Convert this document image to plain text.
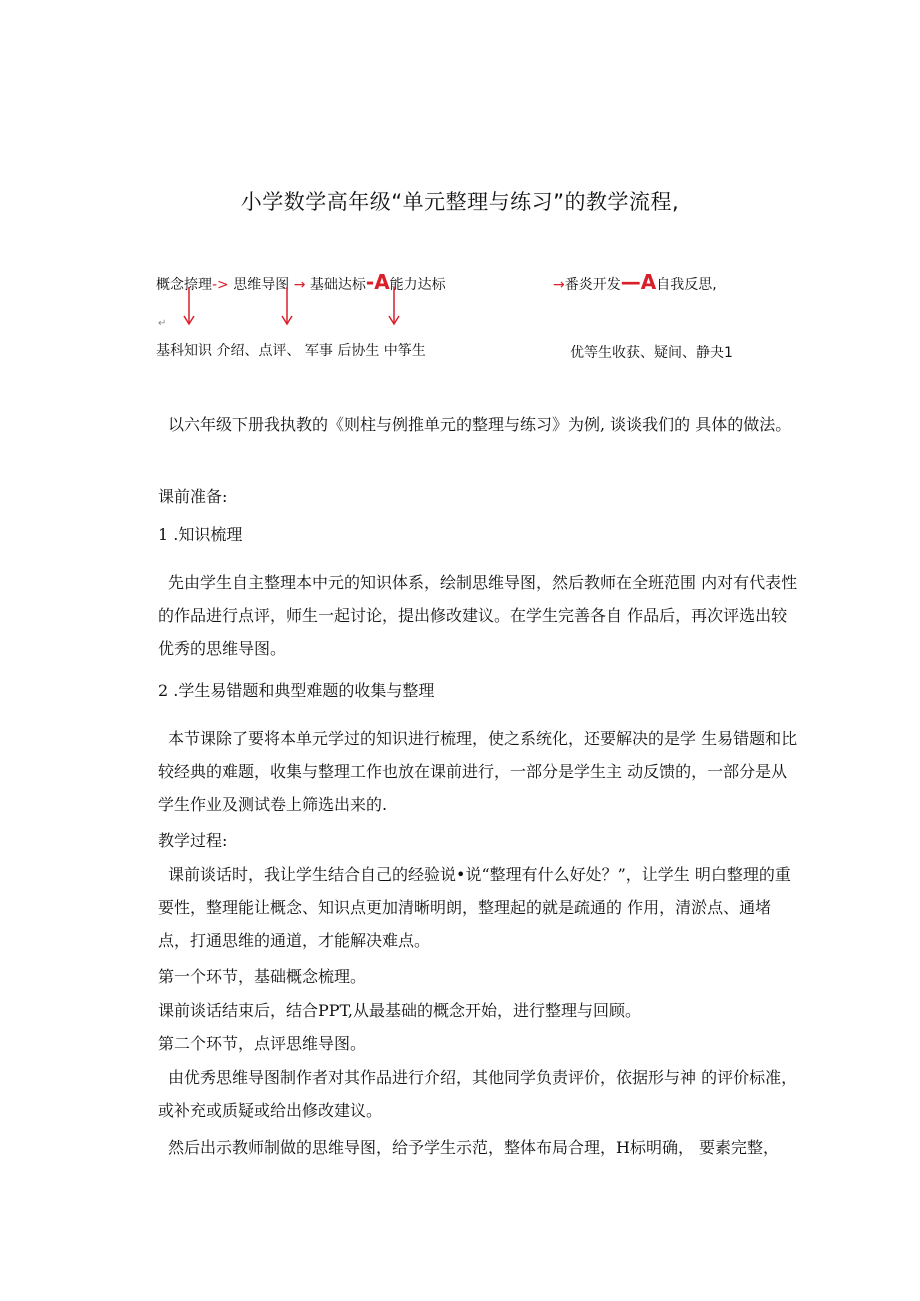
小学数学高年级“单元整理与练习”的教学流程,
概念捺理-> 思维导图 → 基础达标-A能力达标	→番炎开发—A自我反思,
↵
基科知识 介绍、点评、 军事 后协生 中筝生	优等生收获、疑间、静夬1
以六年级下册我执教的《则柱与例推单元的整理与练习》为例, 谈谈我们的 具体的做法。
课前准备:
1 .知识梳理
先由学生自主整理本中元的知识体系，绘制思维导图，然后教师在全班范围 内对有代表性的作品进行点评，师生一起讨论，提出修改建议。在学生完善各自 作品后，再次评选出较优秀的思维导图。
2 .学生易错题和典型难题的收集与整理
本节课除了要将本单元学过的知识进行梳理，使之系统化，还要解决的是学 生易错题和比较经典的难题，收集与整理工作也放在课前进行，一部分是学生主 动反馈的，一部分是从学生作业及测试卷上筛选出来的.
教学过程:
课前谈话时，我让学生结合自己的经验说•说“整理有什么好处？”，让学生 明白整理的重要性，整理能让概念、知识点更加清晰明朗，整理起的就是疏通的 作用，清淤点、通堵点，打通思维的通道，才能解决难点。
第一个环节，基础概念梳理。
课前谈话结束后，结合PPT,从最基础的概念开始，进行整理与回顾。
第二个环节，点评思维导图。
由优秀思维导图制作者对其作品进行介绍，其他同学负责评价，依据形与神 的评价标准，或补充或质疑或给出修改建议。
然后出示教师制做的思维导图，给予学生示范，整体布局合理，H标明确， 要素完整，
